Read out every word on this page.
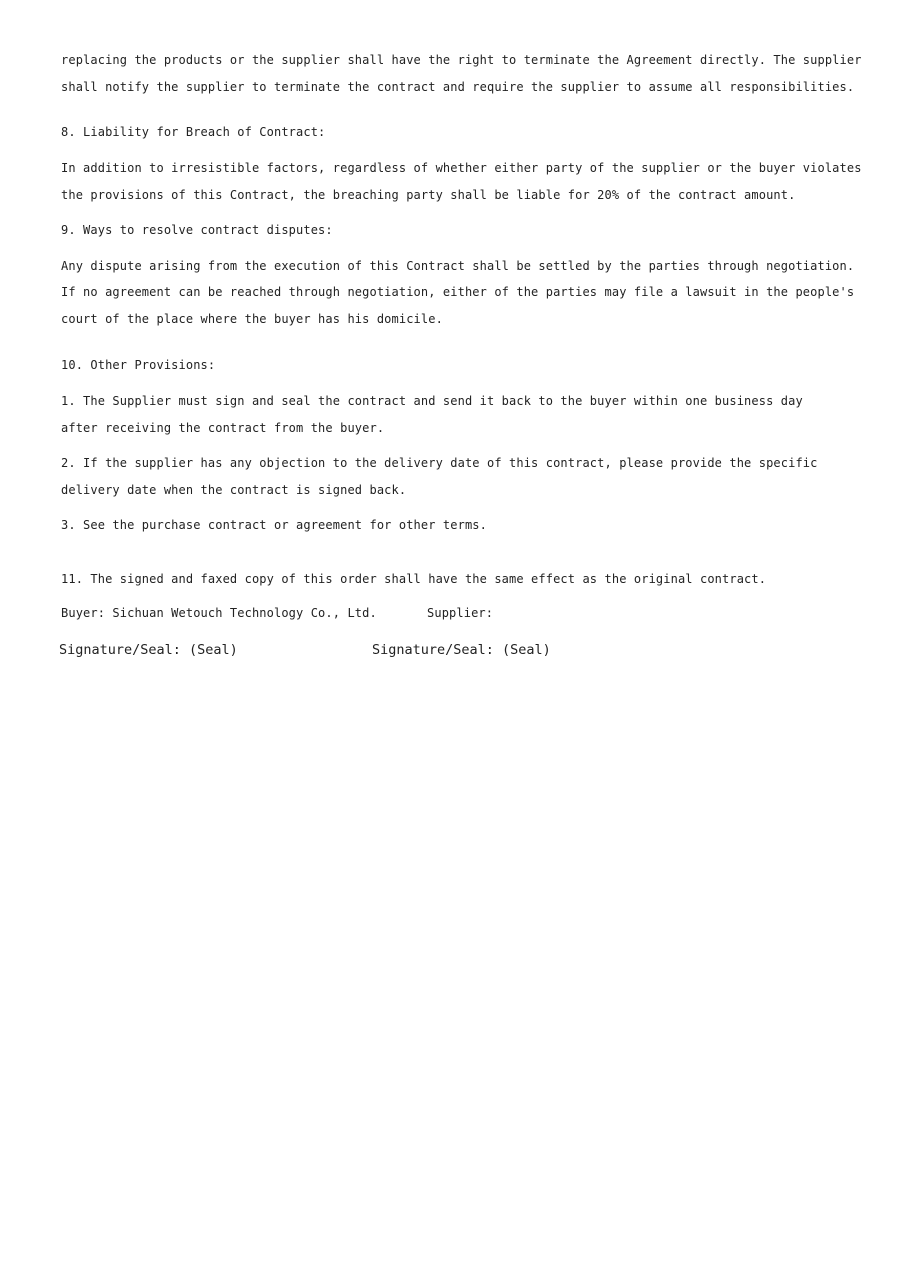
replacing the products or the supplier shall have the right to terminate the Agreement directly. The supplier
shall notify the supplier to terminate the contract and require the supplier to assume all responsibilities.
8. Liability for Breach of Contract:
In addition to irresistible factors, regardless of whether either party of the supplier or the buyer violates
the provisions of this Contract, the breaching party shall be liable for 20% of the contract amount.
9. Ways to resolve contract disputes:
Any dispute arising from the execution of this Contract shall be settled by the parties through negotiation.
If no agreement can be reached through negotiation, either of the parties may file a lawsuit in the people's
court of the place where the buyer has his domicile.
10. Other Provisions:
1. The Supplier must sign and seal the contract and send it back to the buyer within one business day
after receiving the contract from the buyer.
2. If the supplier has any objection to the delivery date of this contract, please provide the specific
delivery date when the contract is signed back.
3. See the purchase contract or agreement for other terms.
11. The signed and faxed copy of this order shall have the same effect as the original contract.
Buyer: Sichuan Wetouch Technology Co., Ltd.	Supplier:
Signature/Seal: (Seal)	Signature/Seal: (Seal)
